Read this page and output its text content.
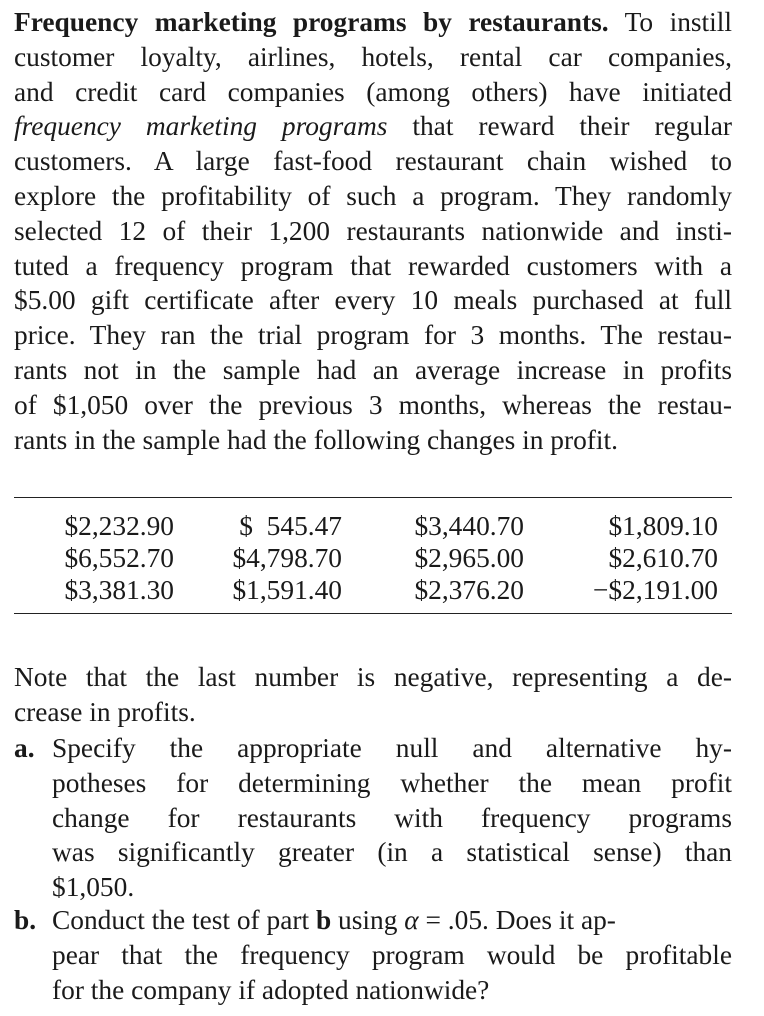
Frequency marketing programs by restaurants. To instill
customer loyalty, airlines, hotels, rental car companies,
and credit card companies (among others) have initiated
frequency marketing programs that reward their regular
customers. A large fast-food restaurant chain wished to
explore the profitability of such a program. They randomly
selected 12 of their 1,200 restaurants nationwide and insti-
tuted a frequency program that rewarded customers with a
$5.00 gift certificate after every 10 meals purchased at full
price. They ran the trial program for 3 months. The restau-
rants not in the sample had an average increase in profits
of $1,050 over the previous 3 months, whereas the restau-
rants in the sample had the following changes in profit.
$2,232.90
$6,552.70
$3,381.30
$  545.47
$4,798.70
$1,591.40
$3,440.70
$2,965.00
$2,376.20
$1,809.10
$2,610.70
−$2,191.00
Note that the last number is negative, representing a de-
crease in profits.
a. Specify the appropriate null and alternative hy-
potheses for determining whether the mean profit
change for restaurants with frequency programs
was significantly greater (in a statistical sense) than
$1,050.
b. Conduct the test of part b using α = .05. Does it ap-
pear that the frequency program would be profitable
for the company if adopted nationwide?
